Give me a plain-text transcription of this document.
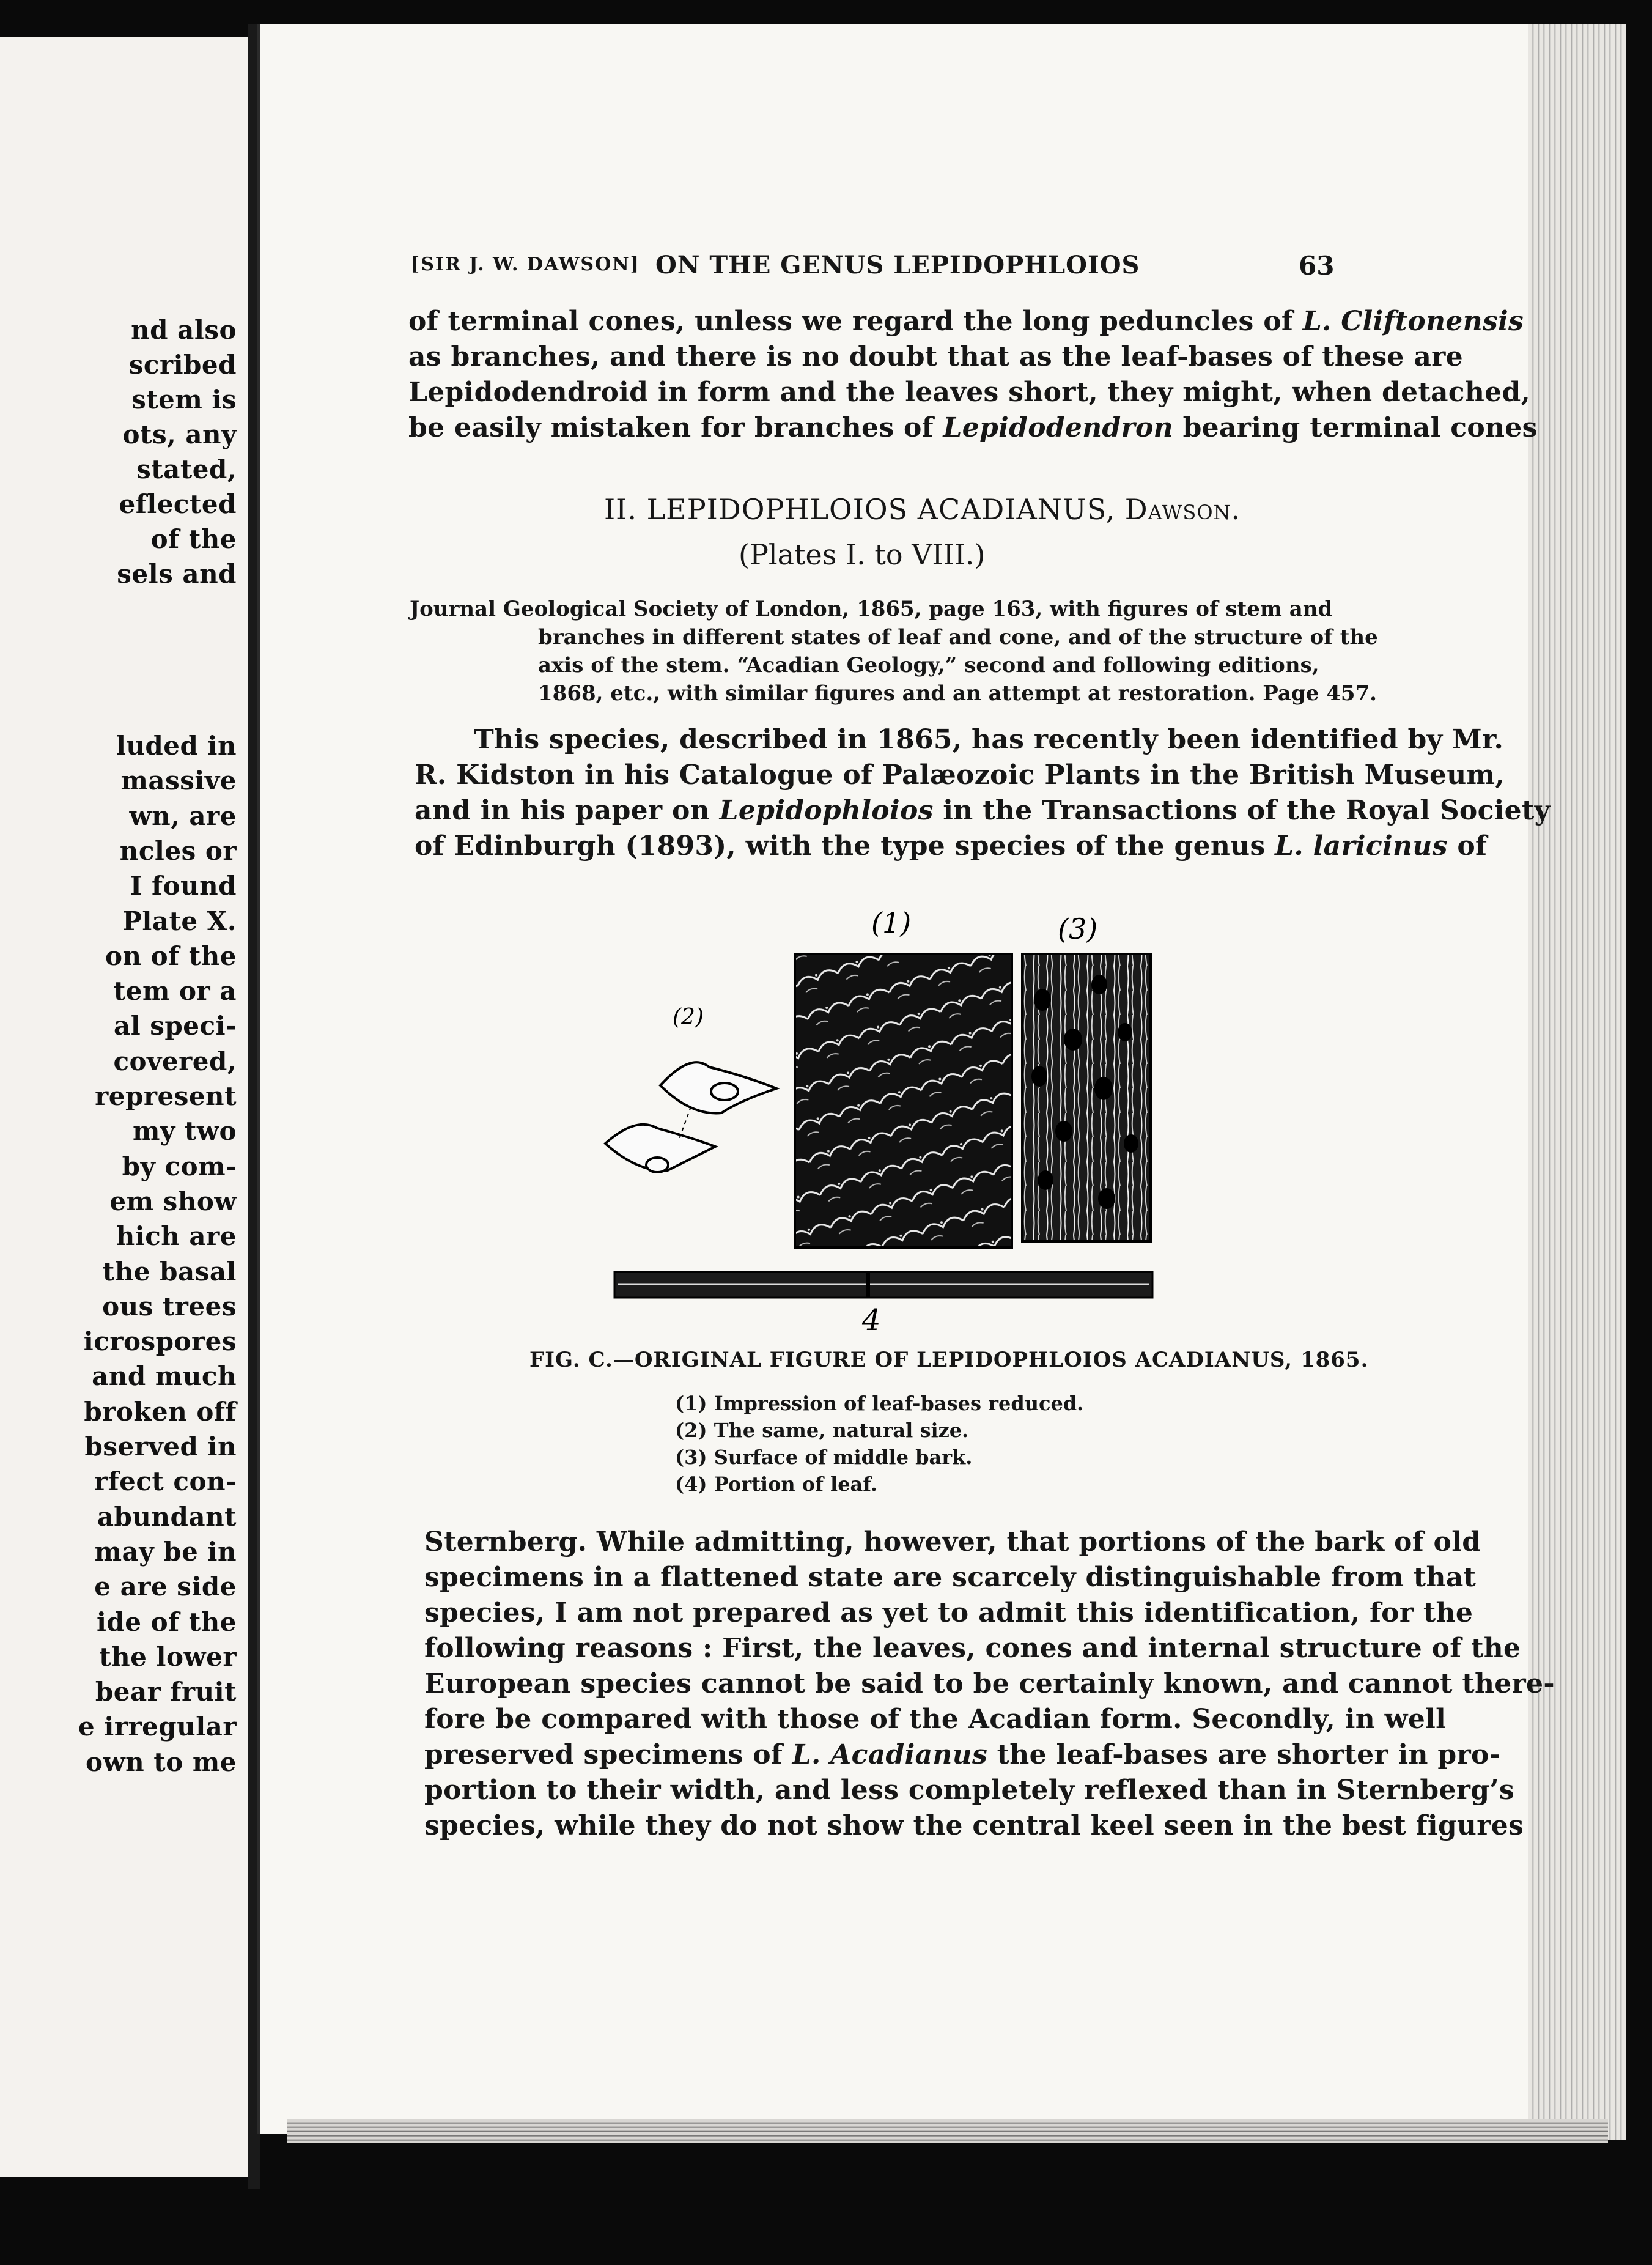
nd also
scribed
stem is
ots, any
stated,
eflected
of the
sels and
luded in
massive
wn, are
ncles or
I found
Plate X.
on of the
tem or a
al speci-
covered,
represent
my two
by com-
em show
hich are
the basal
ous trees
icrospores
and much
broken off
bserved in
rfect con-
abundant
may be in
e are side
ide of the
the lower
bear fruit
e irregular
own to me
[SIR J. W. DAWSON] ON THE GENUS LEPIDOPHLOIOS	63
of terminal cones, unless we regard the long peduncles of L. Cliftonensis
as branches, and there is no doubt that as the leaf-bases of these are
Lepidodendroid in form and the leaves short, they might, when detached,
be easily mistaken for branches of Lepidodendron bearing terminal cones
II. LEPIDOPHLOIOS ACADIANUS, Dawson.
(Plates I. to VIII.)
Journal Geological Society of London, 1865, page 163, with figures of stem and
branches in different states of leaf and cone, and of the structure of the
axis of the stem. “Acadian Geology,” second and following editions,
1868, etc., with similar figures and an attempt at restoration. Page 457.
This species, described in 1865, has recently been identified by Mr.
R. Kidston in his Catalogue of Palæozoic Plants in the British Museum,
and in his paper on Lepidophloios in the Transactions of the Royal Society
of Edinburgh (1893), with the type species of the genus L. laricinus of
(1)	(3)
(2)
4
FIG. C.—ORIGINAL FIGURE OF LEPIDOPHLOIOS ACADIANUS, 1865.
(1) Impression of leaf-bases reduced.
(2) The same, natural size.
(3) Surface of middle bark.
(4) Portion of leaf.
Sternberg. While admitting, however, that portions of the bark of old
specimens in a flattened state are scarcely distinguishable from that
species, I am not prepared as yet to admit this identification, for the
following reasons : First, the leaves, cones and internal structure of the
European species cannot be said to be certainly known, and cannot there-
fore be compared with those of the Acadian form. Secondly, in well
preserved specimens of L. Acadianus the leaf-bases are shorter in pro-
portion to their width, and less completely reflexed than in Sternberg’s
species, while they do not show the central keel seen in the best figures
